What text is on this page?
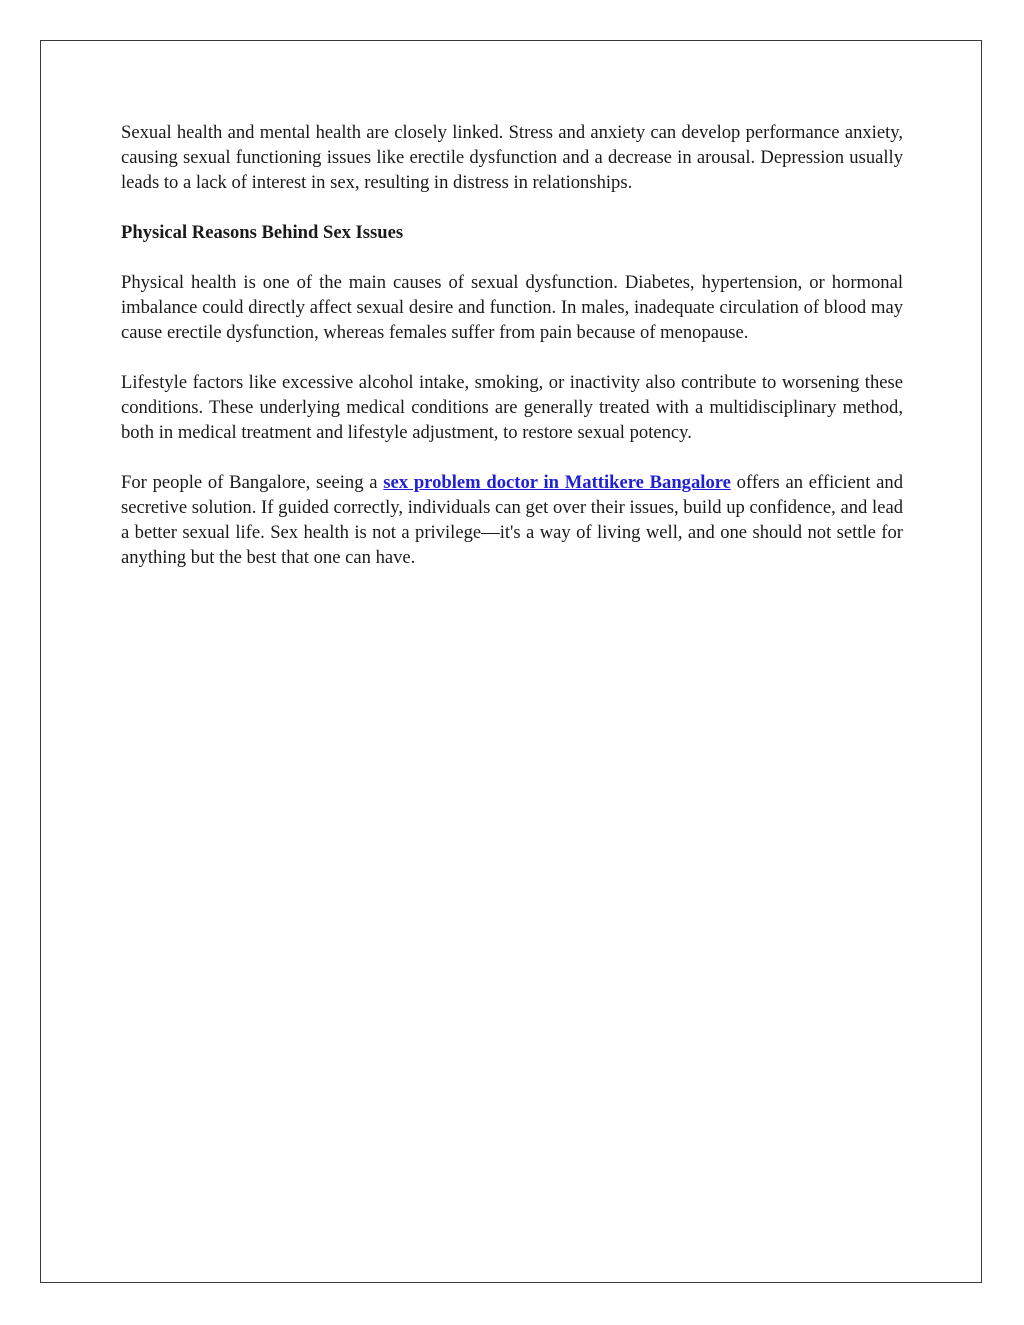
Sexual health and mental health are closely linked. Stress and anxiety can develop performance anxiety, causing sexual functioning issues like erectile dysfunction and a decrease in arousal. Depression usually leads to a lack of interest in sex, resulting in distress in relationships.

Physical Reasons Behind Sex Issues

Physical health is one of the main causes of sexual dysfunction. Diabetes, hypertension, or hormonal imbalance could directly affect sexual desire and function. In males, inadequate circulation of blood may cause erectile dysfunction, whereas females suffer from pain because of menopause.

Lifestyle factors like excessive alcohol intake, smoking, or inactivity also contribute to worsening these conditions. These underlying medical conditions are generally treated with a multidisciplinary method, both in medical treatment and lifestyle adjustment, to restore sexual potency.

For people of Bangalore, seeing a sex problem doctor in Mattikere Bangalore offers an efficient and secretive solution. If guided correctly, individuals can get over their issues, build up confidence, and lead a better sexual life. Sex health is not a privilege—it's a way of living well, and one should not settle for anything but the best that one can have.
